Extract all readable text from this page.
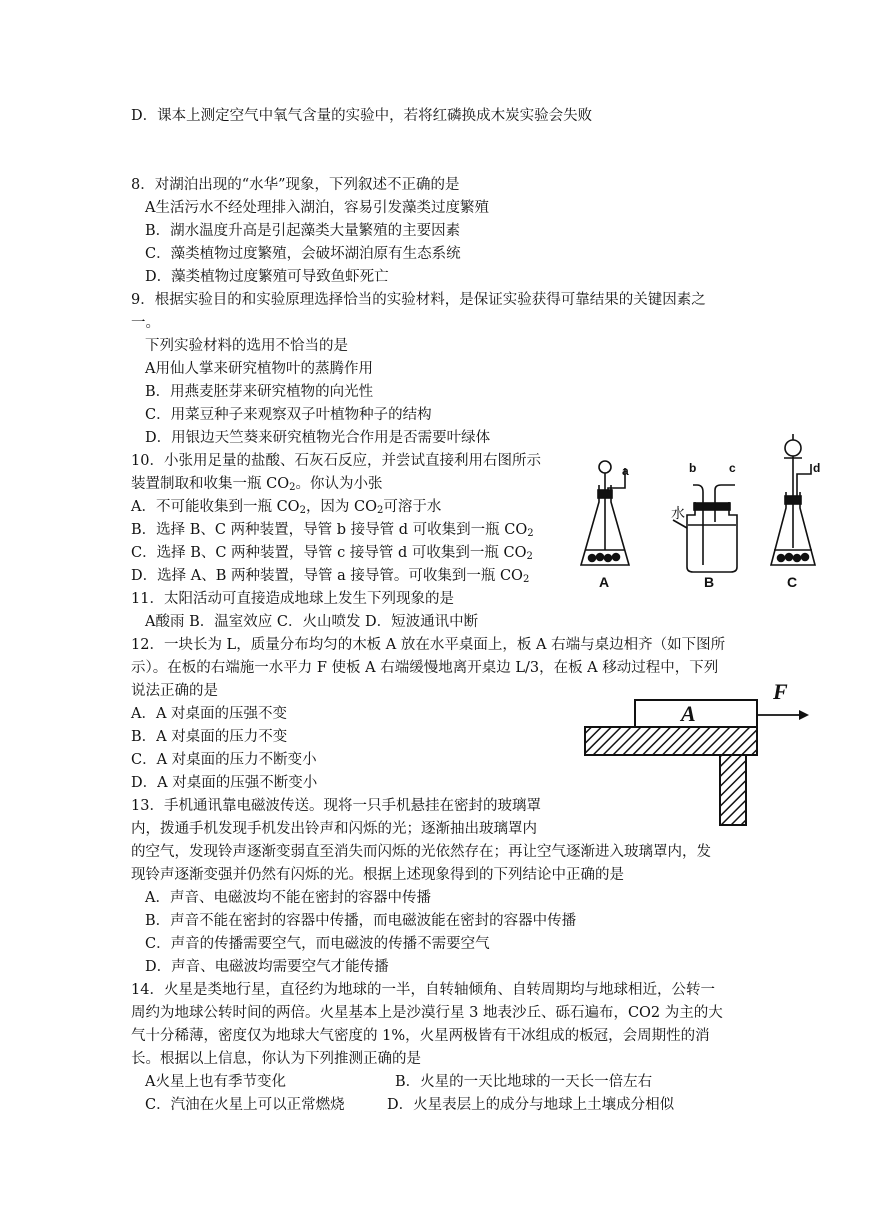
D．课本上测定空气中氧气含量的实验中，若将红磷换成木炭实验会失败
8．对湖泊出现的“水华”现象，下列叙述不正确的是
A生活污水不经处理排入湖泊，容易引发藻类过度繁殖
B．湖水温度升高是引起藻类大量繁殖的主要因素
C．藻类植物过度繁殖，会破坏湖泊原有生态系统
D．藻类植物过度繁殖可导致鱼虾死亡
9．根据实验目的和实验原理选择恰当的实验材料，是保证实验获得可靠结果的关键因素之
一。
下列实验材料的选用不恰当的是
A用仙人掌来研究植物叶的蒸腾作用
B．用燕麦胚芽来研究植物的向光性
C．用菜豆种子来观察双子叶植物种子的结构
D．用银边天竺葵来研究植物光合作用是否需要叶绿体
10．小张用足量的盐酸、石灰石反应，并尝试直接利用右图所示
装置制取和收集一瓶 $CO_2$。你认为小张
A．不可能收集到一瓶 $CO_2$，因为 $CO_2$可溶于水
B．选择 B、C 两种装置，导管 b 接导管 d 可收集到一瓶 $CO_2$
C．选择 B、C 两种装置，导管 c 接导管 d 可收集到一瓶 $CO_2$
D．选择 A、B 两种装置，导管 a 接导管。可收集到一瓶 $CO_2$	A	B	C
a	b	c	d
水
11．太阳活动可直接造成地球上发生下列现象的是
A酸雨 B．温室效应 C．火山喷发 D．短波通讯中断
12．一块长为 L，质量分布均匀的木板 A 放在水平桌面上，板 A 右端与桌边相齐（如下图所
示）。在板的右端施一水平力 F 使板 A 右端缓慢地离开桌边 L/3，在板 A 移动过程中，下列
说法正确的是
A．A 对桌面的压强不变
B．A 对桌面的压力不变
C．A 对桌面的压力不断变小
D．A 对桌面的压强不断变小
A
F
13．手机通讯靠电磁波传送。现将一只手机悬挂在密封的玻璃罩
内，拨通手机发现手机发出铃声和闪烁的光；逐渐抽出玻璃罩内
的空气，发现铃声逐渐变弱直至消失而闪烁的光依然存在；再让空气逐渐进入玻璃罩内，发
现铃声逐渐变强并仍然有闪烁的光。根据上述现象得到的下列结论中正确的是
A．声音、电磁波均不能在密封的容器中传播
B．声音不能在密封的容器中传播，而电磁波能在密封的容器中传播
C．声音的传播需要空气，而电磁波的传播不需要空气
D．声音、电磁波均需要空气才能传播
14．火星是类地行星，直径约为地球的一半，自转轴倾角、自转周期均与地球相近，公转一
周约为地球公转时间的两倍。火星基本上是沙漠行星 3 地表沙丘、砾石遍布，CO2 为主的大
气十分稀薄，密度仅为地球大气密度的 1%，火星两极皆有干冰组成的板冠，会周期性的消
长。根据以上信息，你认为下列推测正确的是
A火星上也有季节变化	B．火星的一天比地球的一天长一倍左右
C．汽油在火星上可以正常燃烧	D．火星表层上的成分与地球上土壤成分相似
